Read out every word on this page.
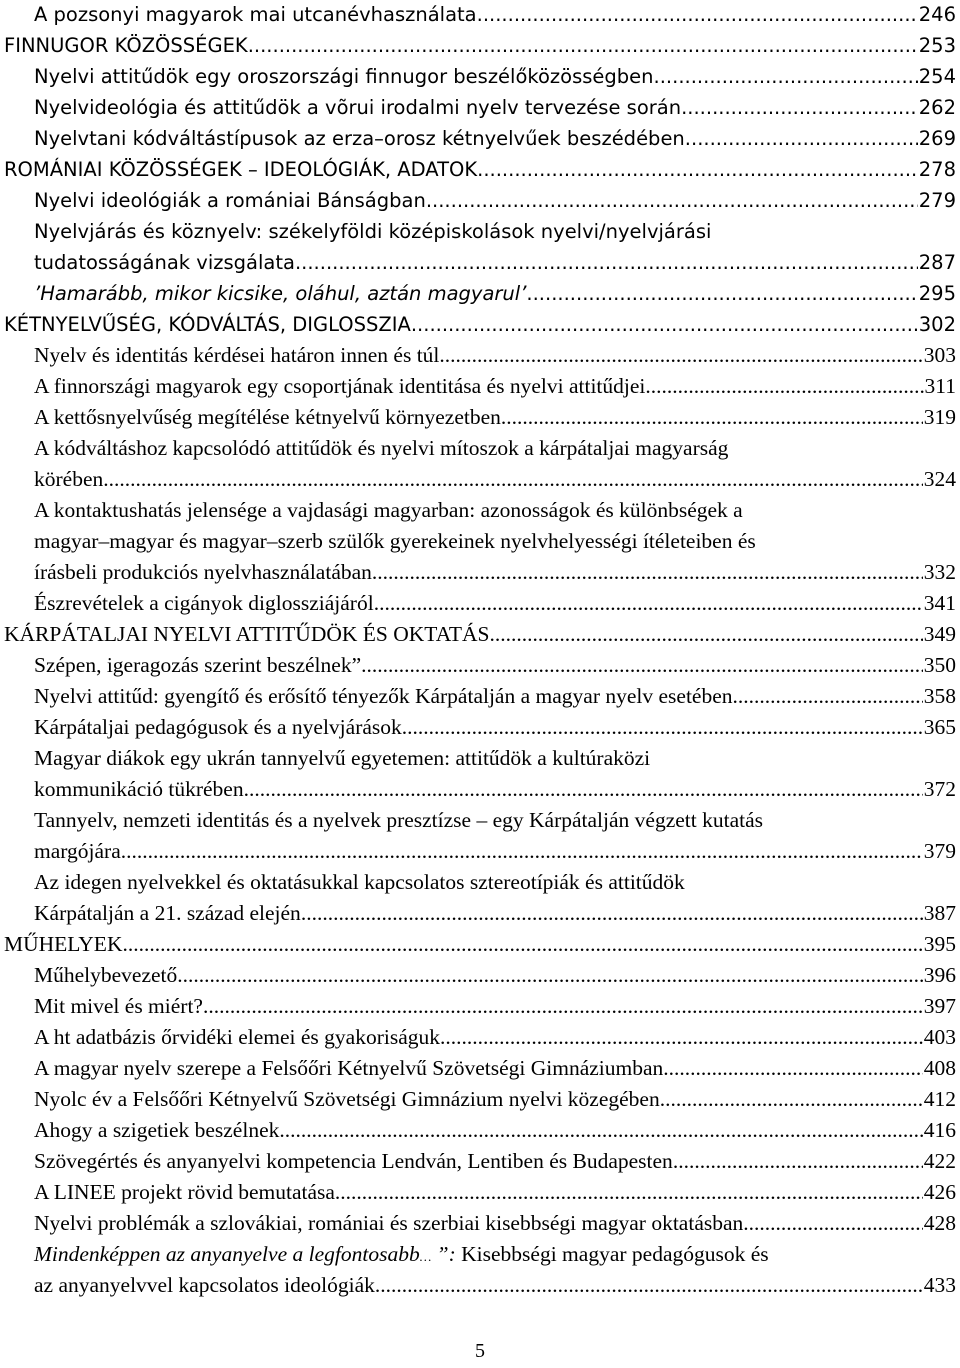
A pozsonyi magyarok mai utcanévhasználata .....	246
FINNUGOR KÖZÖSSÉGEK .....	253
Nyelvi attitűdök egy oroszországi finnugor beszélőközösségben .....	254
Nyelvideológia és attitűdök a võrui irodalmi nyelv tervezése során .....	262
Nyelvtani kódváltástípusok az erza–orosz kétnyelvűek beszédében .....	269
ROMÁNIAI KÖZÖSSÉGEK – IDEOLÓGIÁK, ADATOK .....	278
Nyelvi ideológiák a romániai Bánságban .....	279
Nyelvjárás és köznyelv: székelyföldi középiskolások nyelvi/nyelvjárási
tudatosságának vizsgálata .....	287
’Hamarább, mikor kicsike, oláhul, aztán magyarul’ .....	295
KÉTNYELVŰSÉG, KÓDVÁLTÁS, DIGLOSSZIA .....	302
Nyelv és identitás kérdései határon innen és túl .....	303
A finnországi magyarok egy csoportjának identitása és nyelvi attitűdjei .....	311
A kettősnyelvűség megítélése kétnyelvű környezetben .....	319
A kódváltáshoz kapcsolódó attitűdök és nyelvi mítoszok a kárpátaljai magyarság
körében .....	324
A kontaktushatás jelensége a vajdasági magyarban: azonosságok és különbségek a
magyar–magyar és magyar–szerb szülők gyerekeinek nyelvhelyességi ítéleteiben és
írásbeli produkciós nyelvhasználatában .....	332
Észrevételek a cigányok diglossziájáról .....	341
KÁRPÁTALJAI NYELVI ATTITŰDÖK ÉS OKTATÁS .....	349
Szépen, igeragozás szerint beszélnek” .....	350
Nyelvi attitűd: gyengítő és erősítő tényezők Kárpátalján a magyar nyelv esetében .....	358
Kárpátaljai pedagógusok és a nyelvjárások .....	365
Magyar diákok egy ukrán tannyelvű egyetemen: attitűdök a kultúraközi
kommunikáció tükrében .....	372
Tannyelv, nemzeti identitás és a nyelvek presztízse – egy Kárpátalján végzett kutatás
margójára .....	379
Az idegen nyelvekkel és oktatásukkal kapcsolatos sztereotípiák és attitűdök
Kárpátalján a 21. század elején .....	387
MŰHELYEK .....	395
Műhelybevezető .....	396
Mit mivel és miért? .....	397
A ht adatbázis őrvidéki elemei és gyakoriságuk .....	403
A magyar nyelv szerepe a Felsőőri Kétnyelvű Szövetségi Gimnáziumban .....	408
Nyolc év a Felsőőri Kétnyelvű Szövetségi Gimnázium nyelvi közegében .....	412
Ahogy a szigetiek beszélnek .....	416
Szövegértés és anyanyelvi kompetencia Lendván, Lentiben és Budapesten .....	422
A LINEE projekt rövid bemutatása .....	426
Nyelvi problémák a szlovákiai, romániai és szerbiai kisebbségi magyar oktatásban .....	428
Mindenképpen az anyanyelve a legfontosabb… ”: Kisebbségi magyar pedagógusok és
az anyanyelvvel kapcsolatos ideológiák .....	433
5
